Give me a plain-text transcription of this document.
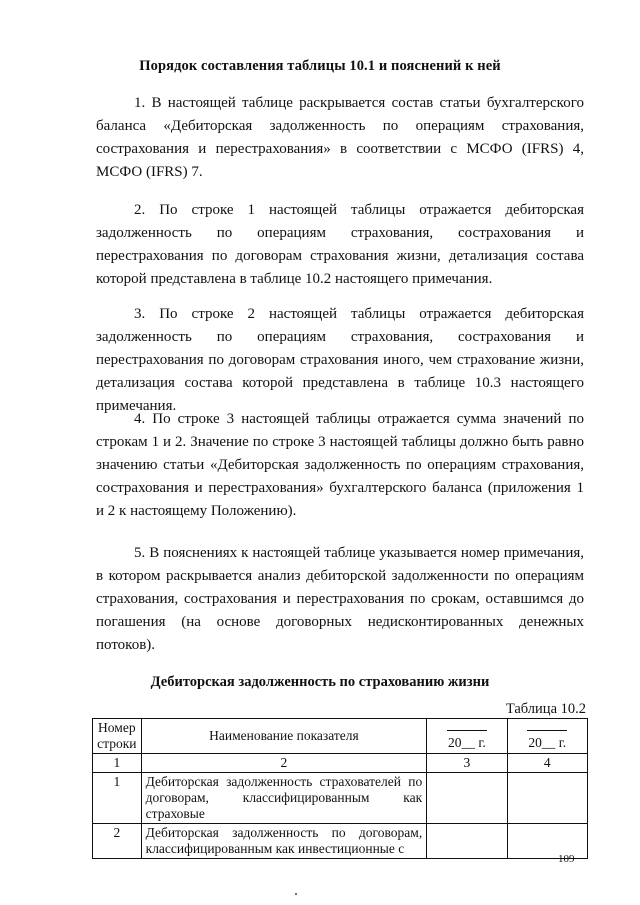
Порядок составления таблицы 10.1 и пояснений к ней

1. В настоящей таблице раскрывается состав статьи бухгалтерского баланса «Дебиторская задолженность по операциям страхования, сострахования и перестрахования» в соответствии с МСФО (IFRS) 4, МСФО (IFRS) 7.

2. По строке 1 настоящей таблицы отражается дебиторская задолженность по операциям страхования, сострахования и перестрахования по договорам страхования жизни, детализация состава которой представлена в таблице 10.2 настоящего примечания.

3. По строке 2 настоящей таблицы отражается дебиторская задолженность по операциям страхования, сострахования и перестрахования по договорам страхования иного, чем страхование жизни, детализация состава которой представлена в таблице 10.3 настоящего примечания.

4. По строке 3 настоящей таблицы отражается сумма значений по строкам 1 и 2. Значение по строке 3 настоящей таблицы должно быть равно значению статьи «Дебиторская задолженность по операциям страхования, сострахования и перестрахования» бухгалтерского баланса (приложения 1 и 2 к настоящему Положению).

5. В пояснениях к настоящей таблице указывается номер примечания, в котором раскрывается анализ дебиторской задолженности по операциям страхования, сострахования и перестрахования по срокам, оставшимся до погашения (на основе договорных недисконтированных денежных потоков).

Дебиторская задолженность по страхованию жизни
Таблица 10.2
Номер строки	Наименование показателя	20__ г.	20__ г.
1	2	3	4
1	Дебиторская задолженность страхователей по договорам, классифицированным как страховые		
2	Дебиторская задолженность по договорам, классифицированным как инвестиционные с		
109
